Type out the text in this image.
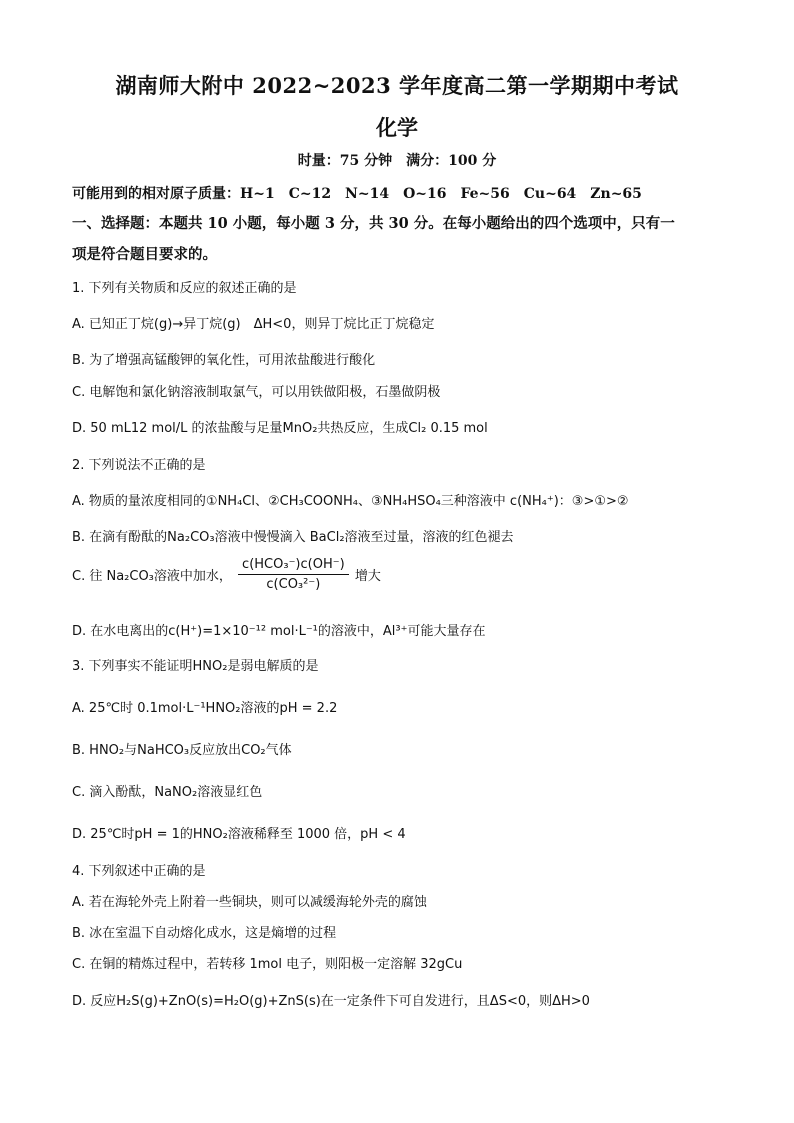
湖南师大附中 2022~2023 学年度高二第一学期期中考试
化学
时量：75 分钟　满分：100 分
可能用到的相对原子质量：H~1　C~12　N~14　O~16　Fe~56　Cu~64　Zn~65
一、选择题：本题共 10 小题，每小题 3 分，共 30 分。在每小题给出的四个选项中，只有一
项是符合题目要求的。
1. 下列有关物质和反应的叙述正确的是
A. 已知正丁烷(g)→异丁烷(g)　ΔH<0，则异丁烷比正丁烷稳定
B. 为了增强高锰酸钾的氧化性，可用浓盐酸进行酸化
C. 电解饱和氯化钠溶液制取氯气，可以用铁做阳极，石墨做阴极
D. 50 mL12 mol/L 的浓盐酸与足量MnO₂共热反应，生成Cl₂ 0.15 mol
2. 下列说法不正确的是
A. 物质的量浓度相同的①NH₄Cl、②CH₃COONH₄、③NH₄HSO₄三种溶液中 c(NH₄⁺)：③>①>②
B. 在滴有酚酞的Na₂CO₃溶液中慢慢滴入 BaCl₂溶液至过量，溶液的红色褪去
C. 往 Na₂CO₃溶液中加水， $\frac{\text{c(HCO₃⁻)c(OH⁻)}}{\text{c(CO₃²⁻)}}$ 增大
D. 在水电离出的c(H⁺)=1×10⁻¹² mol·L⁻¹的溶液中，Al³⁺可能大量存在
3. 下列事实不能证明HNO₂是弱电解质的是
A. 25℃时 0.1mol·L⁻¹HNO₂溶液的pH = 2.2
B. HNO₂与NaHCO₃反应放出CO₂气体
C. 滴入酚酞，NaNO₂溶液显红色
D. 25℃时pH = 1的HNO₂溶液稀释至 1000 倍，pH < 4
4. 下列叙述中正确的是
A. 若在海轮外壳上附着一些铜块，则可以减缓海轮外壳的腐蚀
B. 冰在室温下自动熔化成水，这是熵增的过程
C. 在铜的精炼过程中，若转移 1mol 电子，则阳极一定溶解 32gCu
D. 反应H₂S(g)+ZnO(s)=H₂O(g)+ZnS(s)在一定条件下可自发进行，且ΔS<0，则ΔH>0
